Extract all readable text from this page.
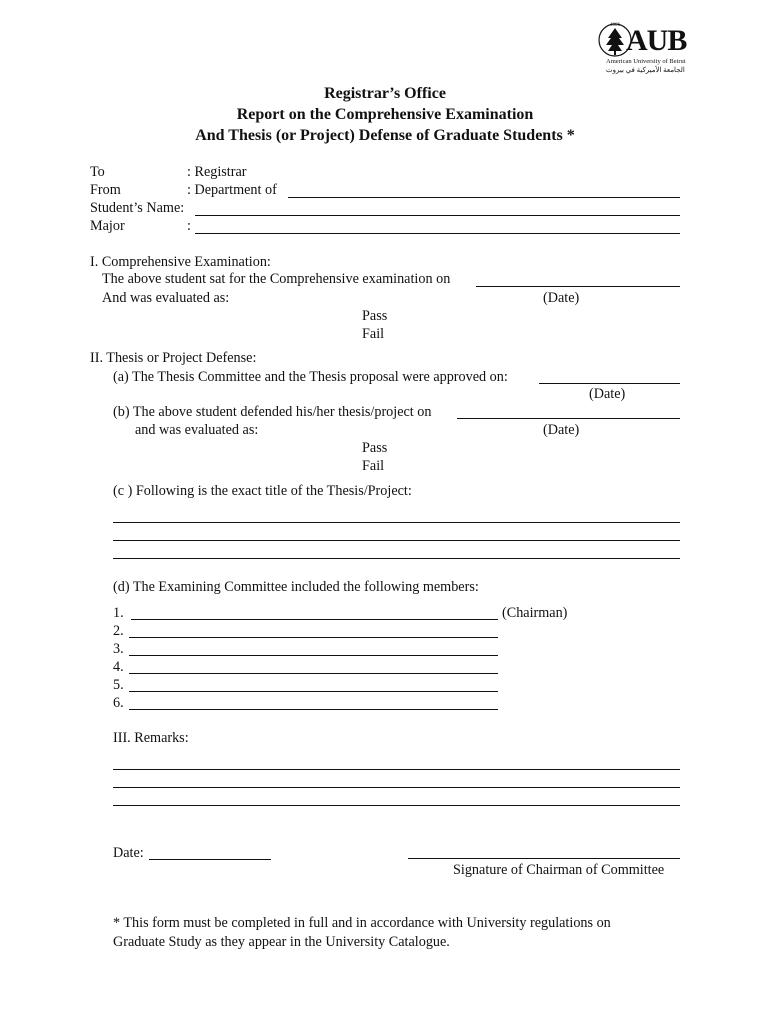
1866 AUB
American University of Beirut
الجامعة الأميركية في بيروت
Registrar’s Office
Report on the Comprehensive Examination
And Thesis (or Project) Defense of Graduate Students *
To	: Registrar
From	: Department of
Student’s Name:
Major	:
I. Comprehensive Examination:
The above student sat for the Comprehensive examination on
And was evaluated as:	(Date)
Pass
Fail
II. Thesis or Project Defense:
(a) The Thesis Committee and the Thesis proposal were approved on:
(Date)
(b) The above student defended his/her thesis/project on
and was evaluated as:	(Date)
Pass
Fail
(c ) Following is the exact title of the Thesis/Project:
(d) The Examining Committee included the following members:
1.	(Chairman)
2.
3.
4.
5.
6.
III. Remarks:
Date:
Signature of Chairman of Committee
* This form must be completed in full and in accordance with University regulations on
Graduate Study as they appear in the University Catalogue.
